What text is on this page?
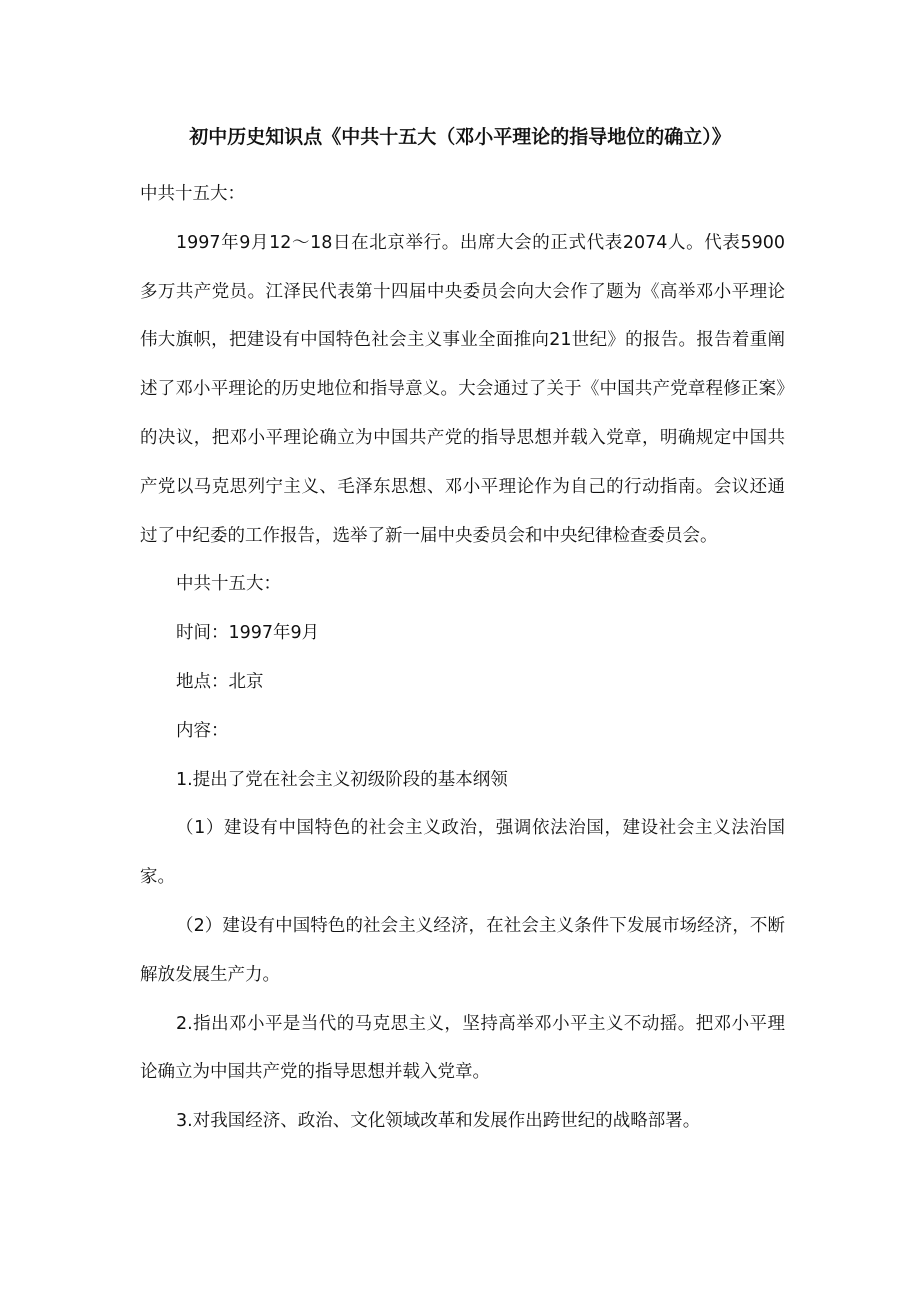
初中历史知识点《中共十五大（邓小平理论的指导地位的确立）》

中共十五大：

1997年9月12～18日在北京举行。出席大会的正式代表2074人。代表5900多万共产党员。江泽民代表第十四届中央委员会向大会作了题为《高举邓小平理论伟大旗帜，把建设有中国特色社会主义事业全面推向21世纪》的报告。报告着重阐述了邓小平理论的历史地位和指导意义。大会通过了关于《中国共产党章程修正案》的决议，把邓小平理论确立为中国共产党的指导思想并载入党章，明确规定中国共产党以马克思列宁主义、毛泽东思想、邓小平理论作为自己的行动指南。会议还通过了中纪委的工作报告，选举了新一届中央委员会和中央纪律检查委员会。

中共十五大：

时间：1997年9月

地点：北京

内容：

1.提出了党在社会主义初级阶段的基本纲领

（1）建设有中国特色的社会主义政治，强调依法治国，建设社会主义法治国家。

（2）建设有中国特色的社会主义经济，在社会主义条件下发展市场经济，不断解放发展生产力。

2.指出邓小平是当代的马克思主义，坚持高举邓小平主义不动摇。把邓小平理论确立为中国共产党的指导思想并载入党章。

3.对我国经济、政治、文化领域改革和发展作出跨世纪的战略部署。
